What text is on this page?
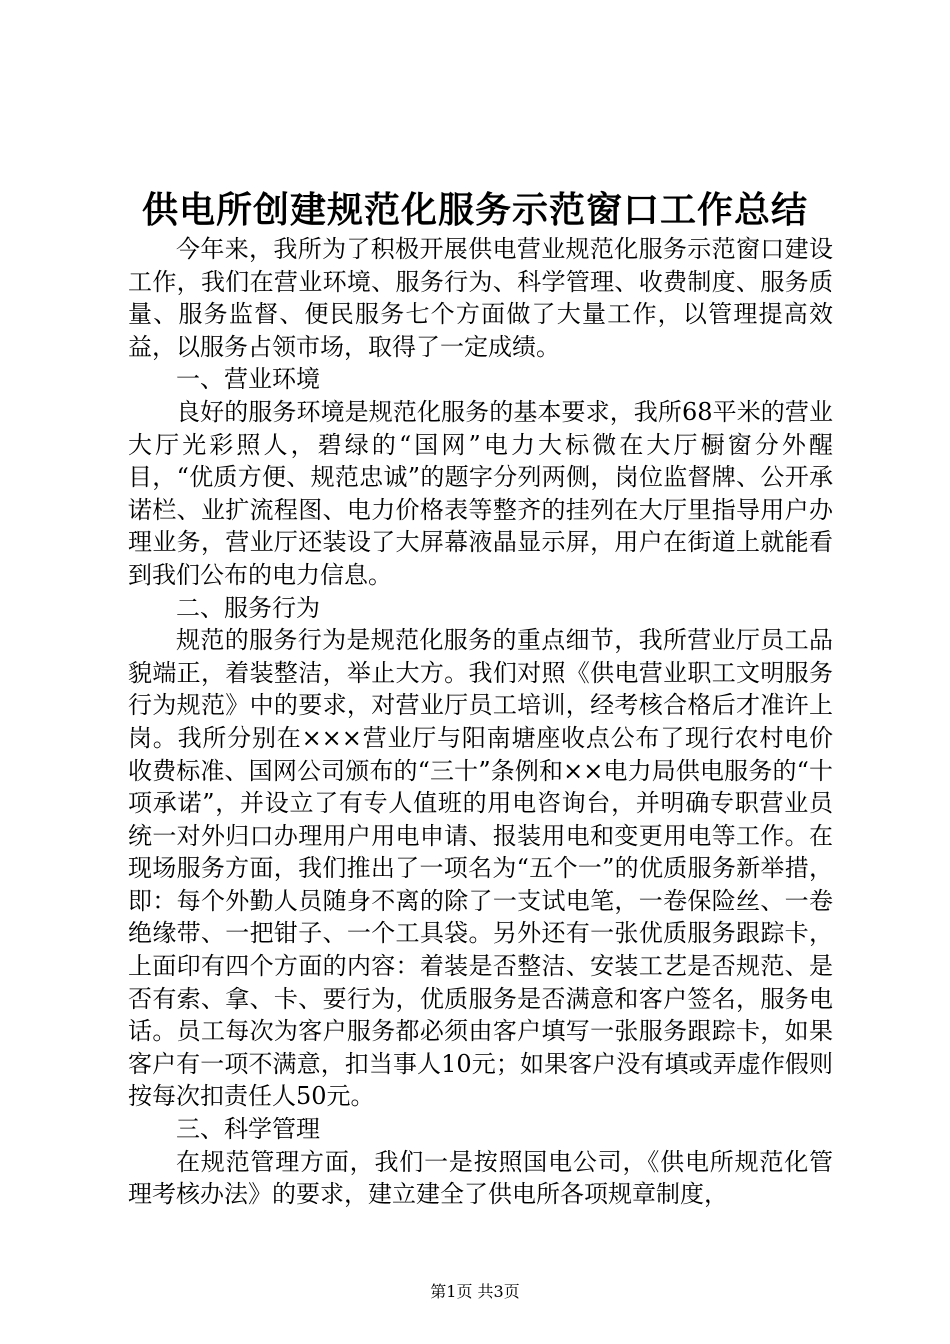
供电所创建规范化服务示范窗口工作总结

今年来，我所为了积极开展供电营业规范化服务示范窗口建设工作，我们在营业环境、服务行为、科学管理、收费制度、服务质量、服务监督、便民服务七个方面做了大量工作，以管理提高效益，以服务占领市场，取得了一定成绩。

一、营业环境

良好的服务环境是规范化服务的基本要求，我所68平米的营业大厅光彩照人，碧绿的“国网”电力大标微在大厅橱窗分外醒目，“优质方便、规范忠诚”的题字分列两侧，岗位监督牌、公开承诺栏、业扩流程图、电力价格表等整齐的挂列在大厅里指导用户办理业务，营业厅还装设了大屏幕液晶显示屏，用户在街道上就能看到我们公布的电力信息。

二、服务行为

规范的服务行为是规范化服务的重点细节，我所营业厅员工品貌端正，着装整洁，举止大方。我们对照《供电营业职工文明服务行为规范》中的要求，对营业厅员工培训，经考核合格后才准许上岗。我所分别在×××营业厅与阳南塘座收点公布了现行农村电价收费标准、国网公司颁布的“三十”条例和××电力局供电服务的“十项承诺”，并设立了有专人值班的用电咨询台，并明确专职营业员统一对外归口办理用户用电申请、报装用电和变更用电等工作。在现场服务方面，我们推出了一项名为“五个一”的优质服务新举措，即：每个外勤人员随身不离的除了一支试电笔，一卷保险丝、一卷绝缘带、一把钳子、一个工具袋。另外还有一张优质服务跟踪卡，上面印有四个方面的内容：着装是否整洁、安装工艺是否规范、是否有索、拿、卡、要行为，优质服务是否满意和客户签名，服务电话。员工每次为客户服务都必须由客户填写一张服务跟踪卡，如果客户有一项不满意，扣当事人10元；如果客户没有填或弄虚作假则按每次扣责任人50元。

三、科学管理

在规范管理方面，我们一是按照国电公司，《供电所规范化管理考核办法》的要求，建立建全了供电所各项规章制度，

第1页 共3页
